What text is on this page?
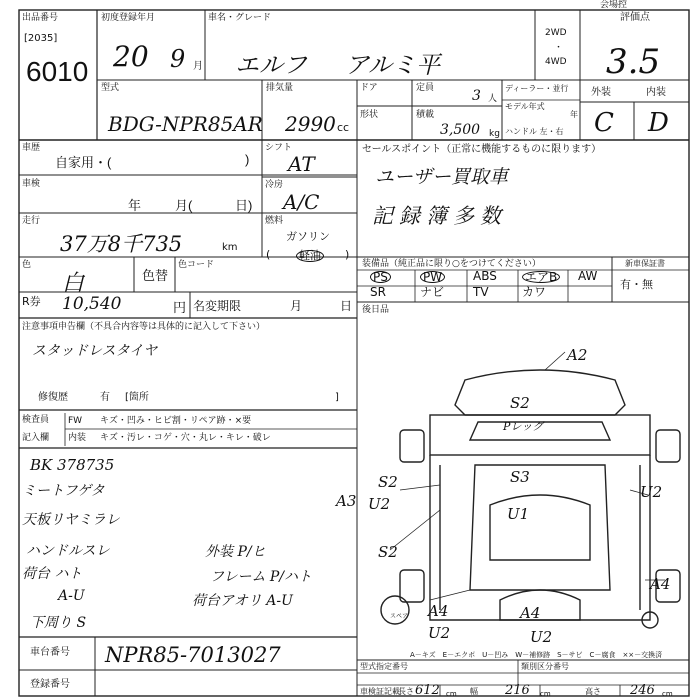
出品番号
[2035]
6010
初度登録年月
20 9 月
車名・グレード
エルフ アルミ平
2WD
・
4WD
評価点
3.5
外装	内装
C D
型式
BDG-NPR85AR
排気量
2990 cc
ドア	定員	3 人
形状	積載
3,500 kg
ディーラー・並行
モデル年式
年
ハンドル 左・右
車歴
自家用・(	)
車検
年	月(	日)
走行
37万8千735	km
色
白	色替
色コード
R券 10,540	円 名変期限	月	日
シフト
AT
冷房
A/C
燃料
ガソリン
(	軽油 )
セールスポイント（正常に機能するものに限ります）
ユーザー買取車
記録簿多数
装備品（純正品に限り○をつけてください）	新車保証書
PS	PW	ABS エアB AW
SR	ナビ TV	カワ
有・無
後日品
注意事項申告欄（不具合内容等は具体的に記入して下さい）
スタッドレスタイヤ
修復歴	有 [箇所	]
検査員
記入欄
FW キズ・凹み・ヒビ割・リペア跡・×要
内装 キズ・汚レ・コゲ・穴・丸レ・キレ・破レ
BK 378735
ミートフゲタ
天板リヤミラレ
ハンドルスレ
荷台 ハト
A-U
下周り S
外装 P/ヒ
フレーム P/ハト
荷台アオリ A-U
A2
S2
Pレッグ
S3
U1
S2
A3 U2
U2
S2
A4
U2
A4
U2
A4
スペア
A－キズ　E－エクボ　U－凹み　W－補修跡　S－サビ　C－腐食　××－交換済
車台番号 NPR85-7013027
登録番号
型式指定番号	類別区分番号
車検証記載
長さ 612 cm 幅 216 cm	高さ 246 cm
会場控
